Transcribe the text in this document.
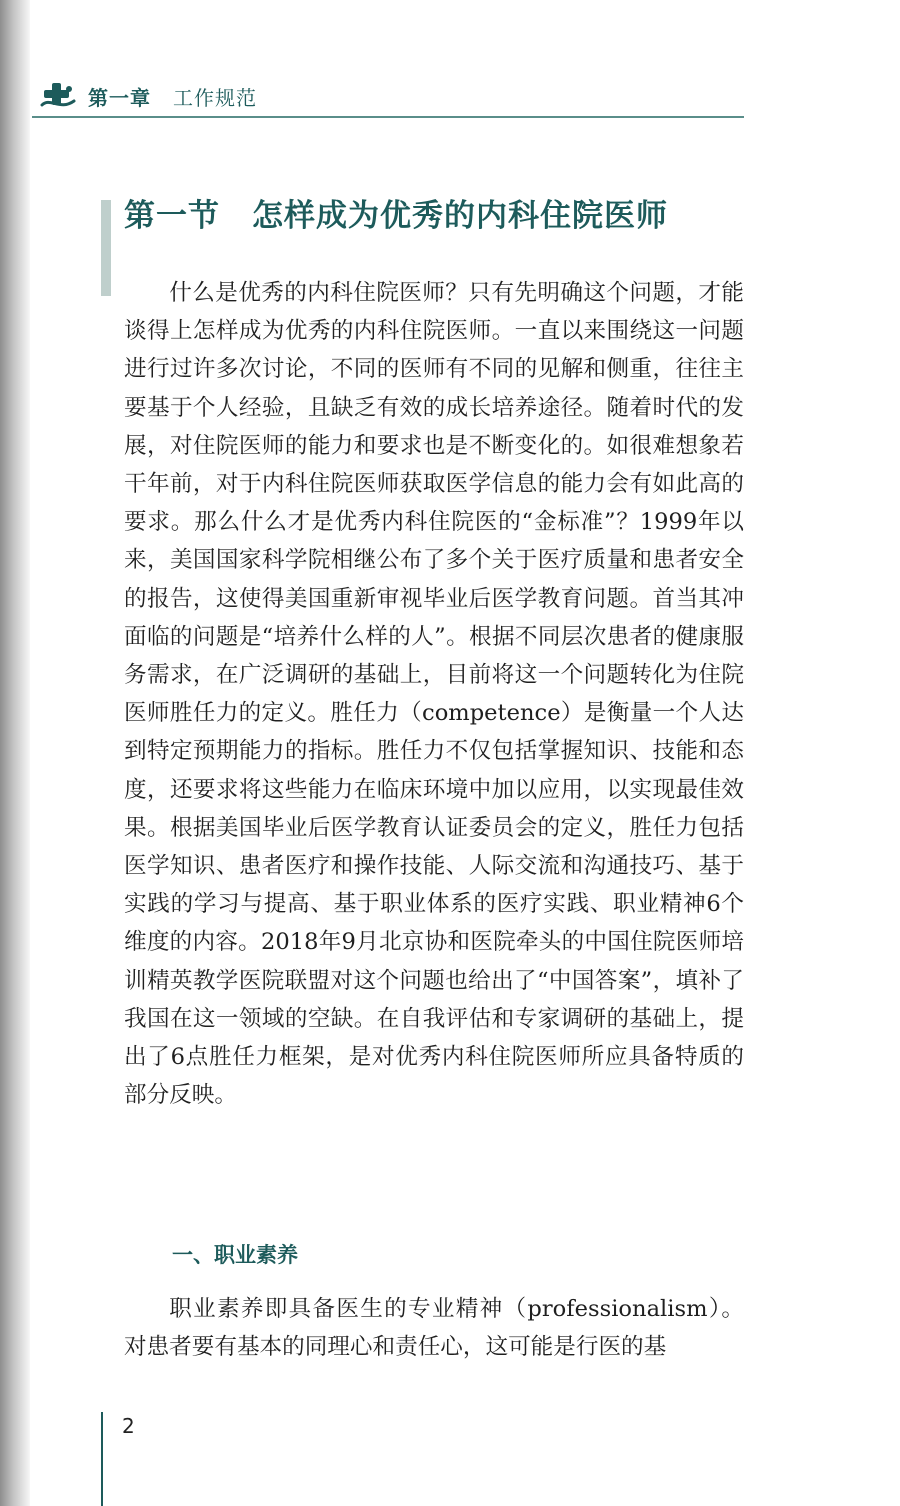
第一章 工作规范
第一节　怎样成为优秀的内科住院医师

什么是优秀的内科住院医师？只有先明确这个问题，才能谈得上怎样成为优秀的内科住院医师。一直以来围绕这一问题进行过许多次讨论，不同的医师有不同的见解和侧重，往往主要基于个人经验，且缺乏有效的成长培养途径。随着时代的发展，对住院医师的能力和要求也是不断变化的。如很难想象若干年前，对于内科住院医师获取医学信息的能力会有如此高的要求。那么什么才是优秀内科住院医的“金标准”？1999年以来，美国国家科学院相继公布了多个关于医疗质量和患者安全的报告，这使得美国重新审视毕业后医学教育问题。首当其冲面临的问题是“培养什么样的人”。根据不同层次患者的健康服务需求，在广泛调研的基础上，目前将这一个问题转化为住院医师胜任力的定义。胜任力（competence）是衡量一个人达到特定预期能力的指标。胜任力不仅包括掌握知识、技能和态度，还要求将这些能力在临床环境中加以应用，以实现最佳效果。根据美国毕业后医学教育认证委员会的定义，胜任力包括医学知识、患者医疗和操作技能、人际交流和沟通技巧、基于实践的学习与提高、基于职业体系的医疗实践、职业精神6个维度的内容。2018年9月北京协和医院牵头的中国住院医师培训精英教学医院联盟对这个问题也给出了“中国答案”，填补了我国在这一领域的空缺。在自我评估和专家调研的基础上，提出了6点胜任力框架，是对优秀内科住院医师所应具备特质的部分反映。

一、职业素养

职业素养即具备医生的专业精神（professionalism）。对患者要有基本的同理心和责任心，这可能是行医的基

2
